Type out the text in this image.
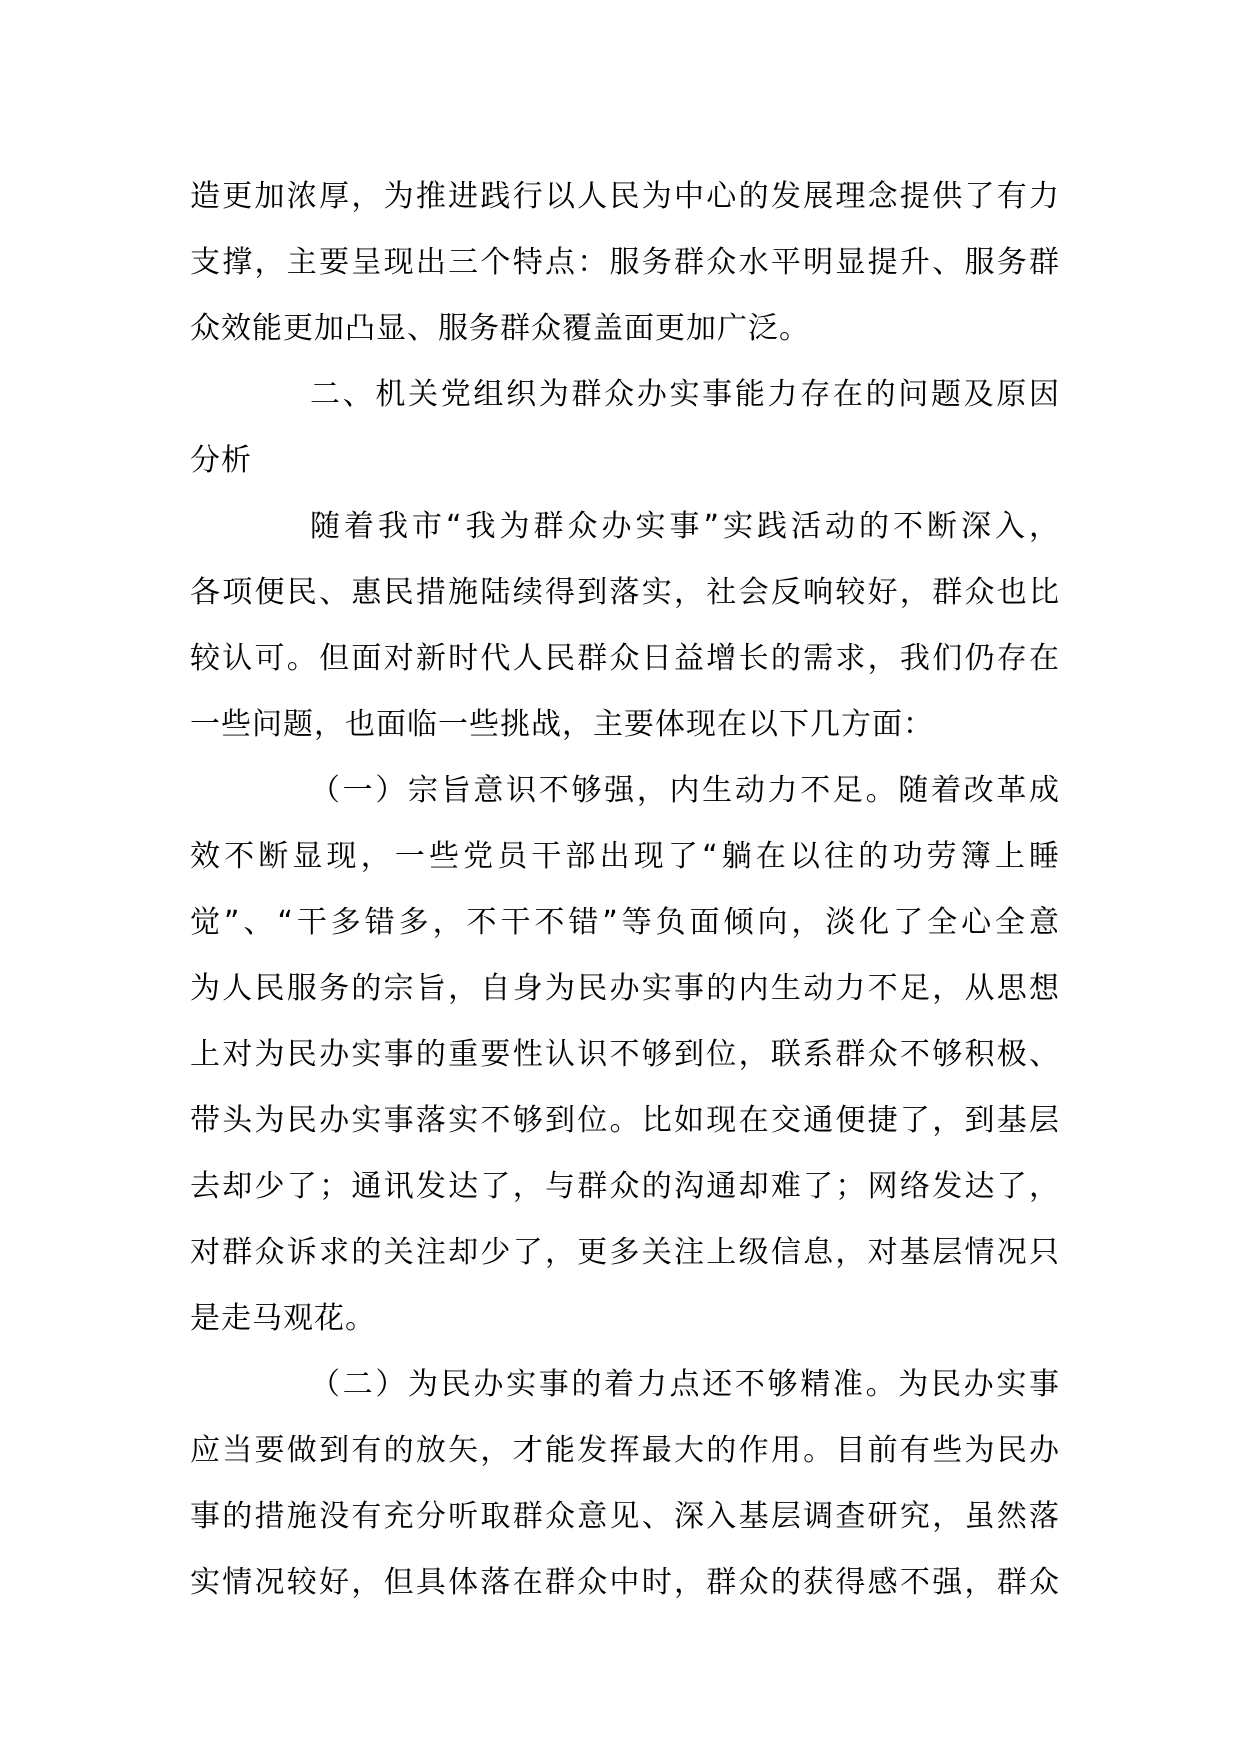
造更加浓厚，为推进践行以人民为中心的发展理念提供了有力
支撑，主要呈现出三个特点：服务群众水平明显提升、服务群
众效能更加凸显、服务群众覆盖面更加广泛。
二、机关党组织为群众办实事能力存在的问题及原因
分析
随着我市“我为群众办实事”实践活动的不断深入，
各项便民、惠民措施陆续得到落实，社会反响较好，群众也比
较认可。但面对新时代人民群众日益增长的需求，我们仍存在
一些问题，也面临一些挑战，主要体现在以下几方面：
（一）宗旨意识不够强，内生动力不足。随着改革成
效不断显现，一些党员干部出现了“躺在以往的功劳簿上睡
觉”、“干多错多，不干不错”等负面倾向，淡化了全心全意
为人民服务的宗旨，自身为民办实事的内生动力不足，从思想
上对为民办实事的重要性认识不够到位，联系群众不够积极、
带头为民办实事落实不够到位。比如现在交通便捷了，到基层
去却少了；通讯发达了，与群众的沟通却难了；网络发达了，
对群众诉求的关注却少了，更多关注上级信息，对基层情况只
是走马观花。
（二）为民办实事的着力点还不够精准。为民办实事
应当要做到有的放矢，才能发挥最大的作用。目前有些为民办
事的措施没有充分听取群众意见、深入基层调查研究，虽然落
实情况较好，但具体落在群众中时，群众的获得感不强，群众
